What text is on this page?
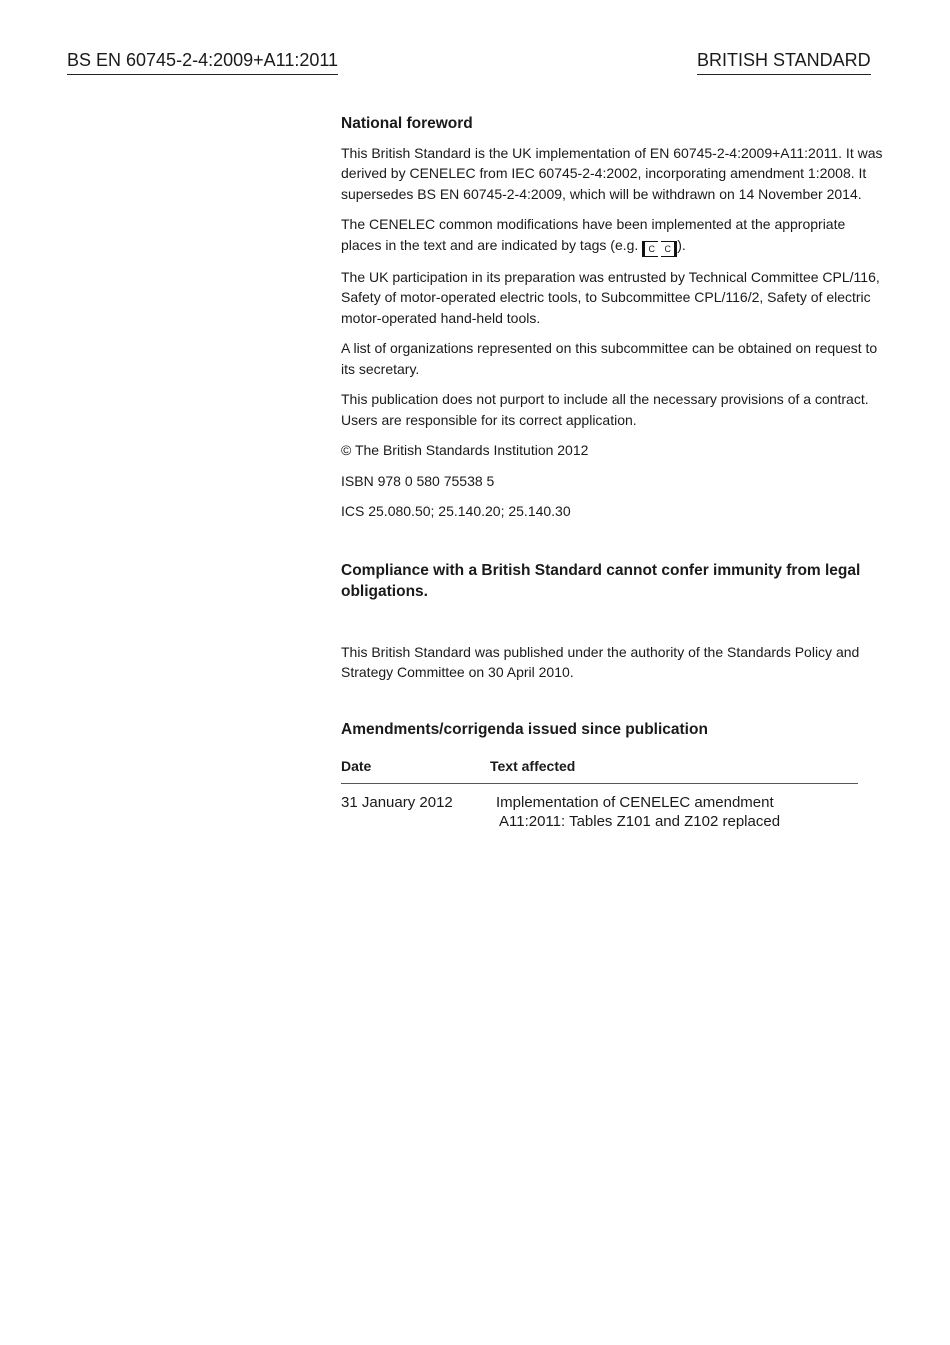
BS EN 60745-2-4:2009+A11:2011	BRITISH STANDARD
National foreword

This British Standard is the UK implementation of EN 60745-2-4:2009+A11:2011. It was derived by CENELEC from IEC 60745-2-4:2002, incorporating amendment 1:2008. It supersedes BS EN 60745-2-4:2009, which will be withdrawn on 14 November 2014.

The CENELEC common modifications have been implemented at the appropriate places in the text and are indicated by tags (e.g. C C ).

The UK participation in its preparation was entrusted by Technical Committee CPL/116, Safety of motor-operated electric tools, to Subcommittee CPL/116/2, Safety of electric motor-operated hand-held tools.

A list of organizations represented on this subcommittee can be obtained on request to its secretary.

This publication does not purport to include all the necessary provisions of a contract. Users are responsible for its correct application.

© The British Standards Institution 2012

ISBN 978 0 580 75538 5

ICS 25.080.50; 25.140.20; 25.140.30

Compliance with a British Standard cannot confer immunity from legal obligations.

This British Standard was published under the authority of the Standards Policy and Strategy Committee on 30 April 2010.

Amendments/corrigenda issued since publication
Date	Text affected
31 January 2012	Implementation of CENELEC amendment
A11:2011: Tables Z101 and Z102 replaced
